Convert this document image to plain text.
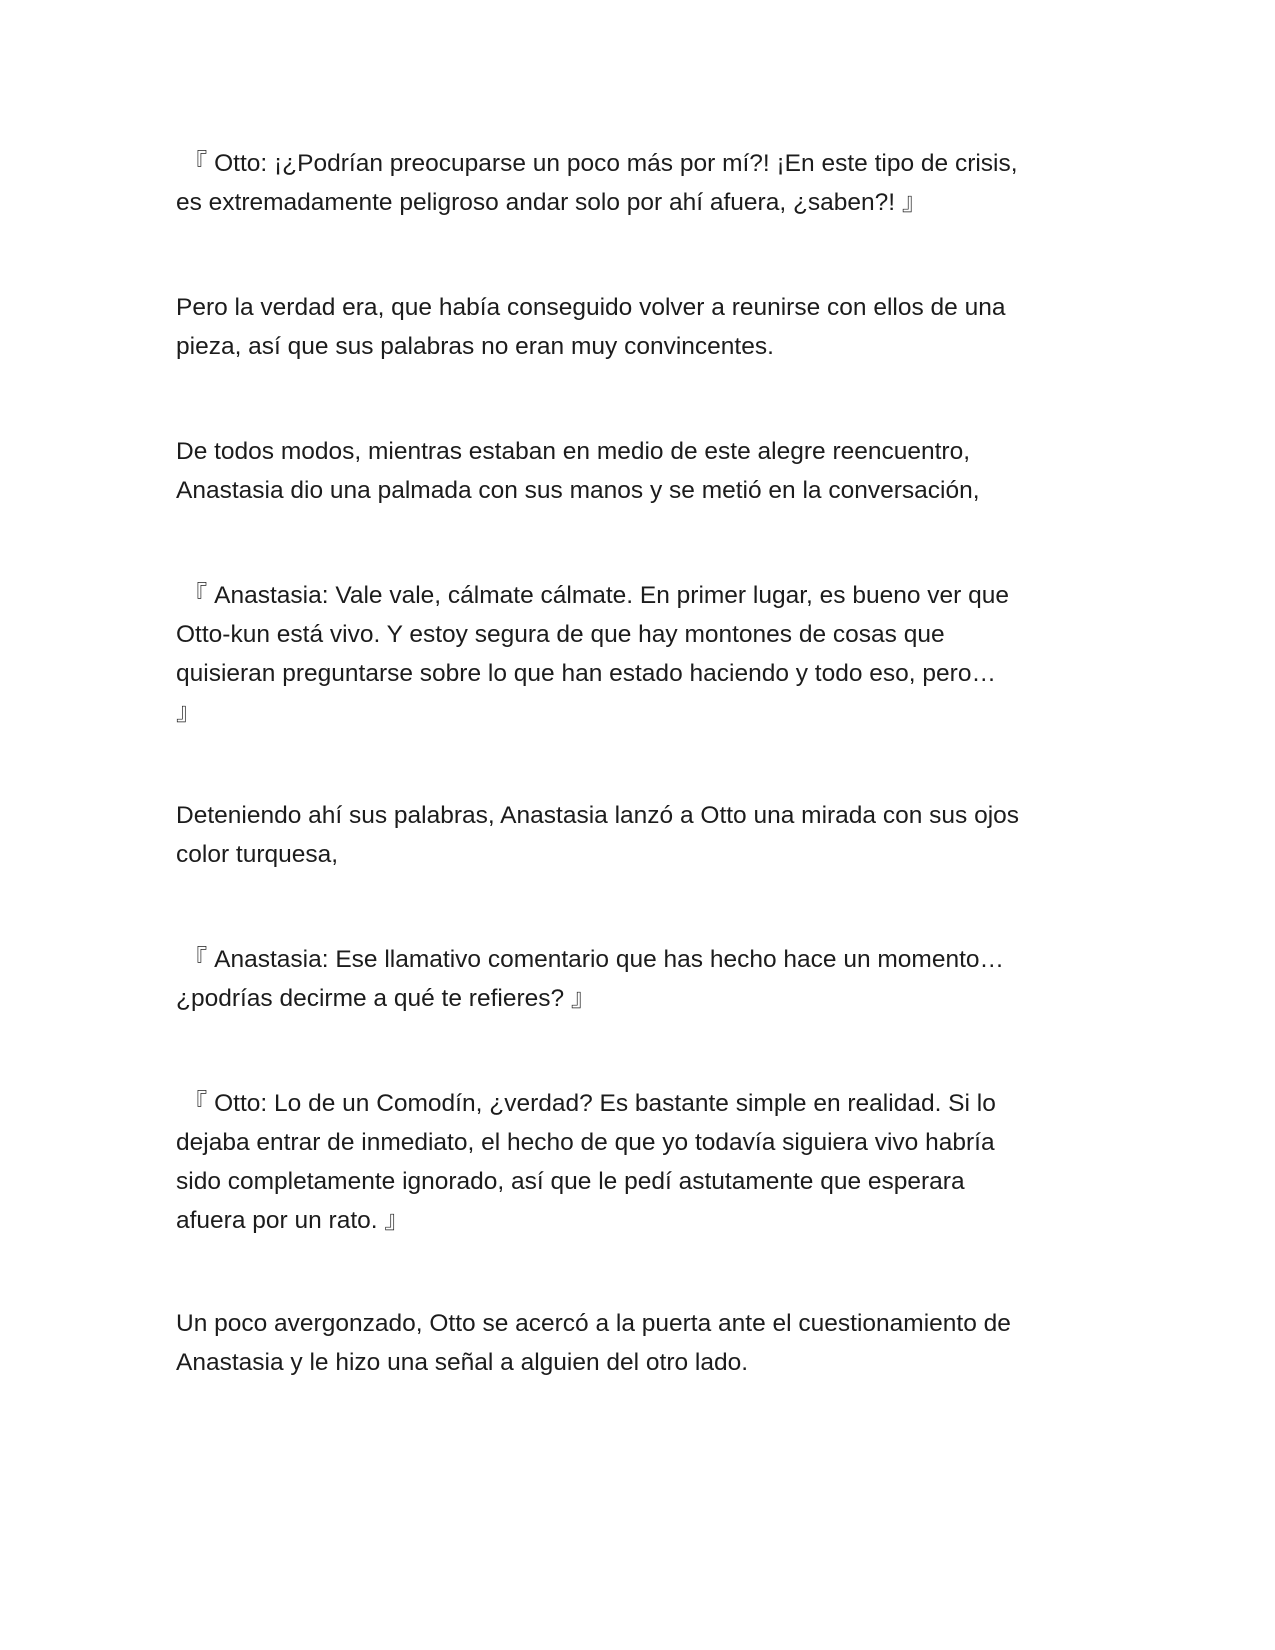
『 Otto: ¡¿Podrían preocuparse un poco más por mí?! ¡En este tipo de crisis,
es extremadamente peligroso andar solo por ahí afuera, ¿saben?! 』

Pero la verdad era, que había conseguido volver a reunirse con ellos de una
pieza, así que sus palabras no eran muy convincentes.

De todos modos, mientras estaban en medio de este alegre reencuentro,
Anastasia dio una palmada con sus manos y se metió en la conversación,

『 Anastasia: Vale vale, cálmate cálmate. En primer lugar, es bueno ver que
Otto-kun está vivo. Y estoy segura de que hay montones de cosas que
quisieran preguntarse sobre lo que han estado haciendo y todo eso, pero…
』

Deteniendo ahí sus palabras, Anastasia lanzó a Otto una mirada con sus ojos
color turquesa,

『 Anastasia: Ese llamativo comentario que has hecho hace un momento…
¿podrías decirme a qué te refieres? 』

『 Otto: Lo de un Comodín, ¿verdad? Es bastante simple en realidad. Si lo
dejaba entrar de inmediato, el hecho de que yo todavía siguiera vivo habría
sido completamente ignorado, así que le pedí astutamente que esperara
afuera por un rato. 』

Un poco avergonzado, Otto se acercó a la puerta ante el cuestionamiento de
Anastasia y le hizo una señal a alguien del otro lado.
